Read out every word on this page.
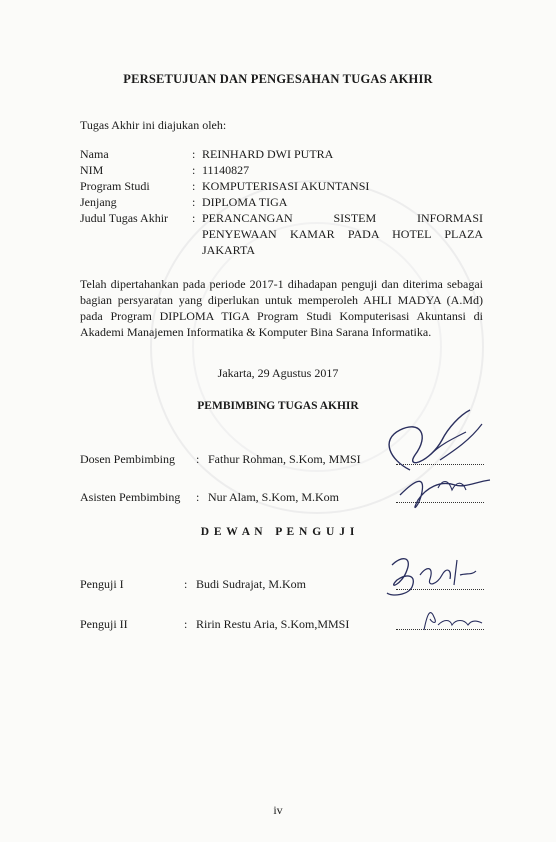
PERSETUJUAN DAN PENGESAHAN TUGAS AKHIR
Tugas Akhir ini diajukan oleh:
Nama	: REINHARD DWI PUTRA
NIM	: 11140827
Program Studi	: KOMPUTERISASI AKUNTANSI
Jenjang	: DIPLOMA TIGA
Judul Tugas Akhir	: PERANCANGAN SISTEM INFORMASI
PENYEWAAN KAMAR PADA HOTEL PLAZA
JAKARTA
Telah dipertahankan pada periode 2017-1 dihadapan penguji dan diterima sebagai bagian persyaratan yang diperlukan untuk memperoleh AHLI MADYA (A.Md) pada Program DIPLOMA TIGA Program Studi Komputerisasi Akuntansi di Akademi Manajemen Informatika & Komputer Bina Sarana Informatika.
Jakarta, 29 Agustus 2017
PEMBIMBING TUGAS AKHIR
Dosen Pembimbing	: Fathur Rohman, S.Kom, MMSI
Asisten Pembimbing	: Nur Alam, S.Kom, M.Kom
D E W A N   P E N G U J I
Penguji I	: Budi Sudrajat, M.Kom
Penguji II	: Ririn Restu Aria, S.Kom,MMSI
iv
